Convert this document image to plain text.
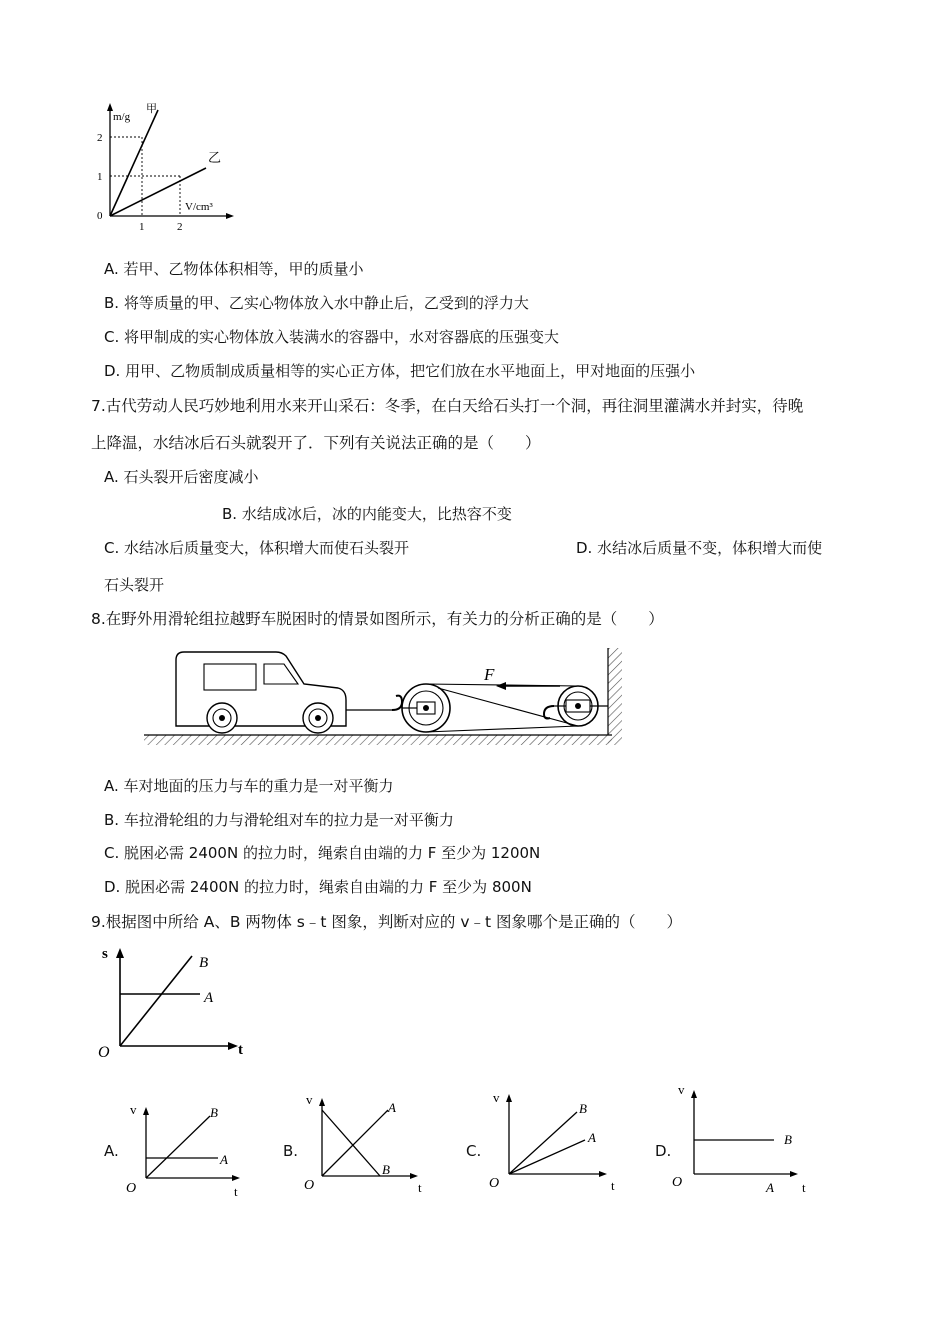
m/g
甲
乙
V/cm³
2
1
0
1	2
A. 若甲、乙物体体积相等，甲的质量小
B. 将等质量的甲、乙实心物体放入水中静止后，乙受到的浮力大
C. 将甲制成的实心物体放入装满水的容器中，水对容器底的压强变大
D. 用甲、乙物质制成质量相等的实心正方体，把它们放在水平地面上，甲对地面的压强小
7.古代劳动人民巧妙地利用水来开山采石：冬季，在白天给石头打一个洞，再往洞里灌满水并封实，待晚
上降温，水结冰后石头就裂开了．下列有关说法正确的是（　　）
A. 石头裂开后密度减小
B. 水结成冰后，冰的内能变大，比热容不变
C. 水结冰后质量变大，体积增大而使石头裂开	D. 水结冰后质量不变，体积增大而使
石头裂开
8.在野外用滑轮组拉越野车脱困时的情景如图所示，有关力的分析正确的是（　　）
F
A. 车对地面的压力与车的重力是一对平衡力
B. 车拉滑轮组的力与滑轮组对车的拉力是一对平衡力
C. 脱困必需 2400N 的拉力时，绳索自由端的力 F 至少为 1200N
D. 脱困必需 2400N 的拉力时，绳索自由端的力 F 至少为 800N
9.根据图中所给 A、B 两物体 s﹣t 图象，判断对应的 v﹣t 图象哪个是正确的（　　）
s
t
O
B
A
A.
v
t
O
B
A	B.
v
t
O
A
B
C.
v
t
O
B
A
D.
v
t
O
B
A
